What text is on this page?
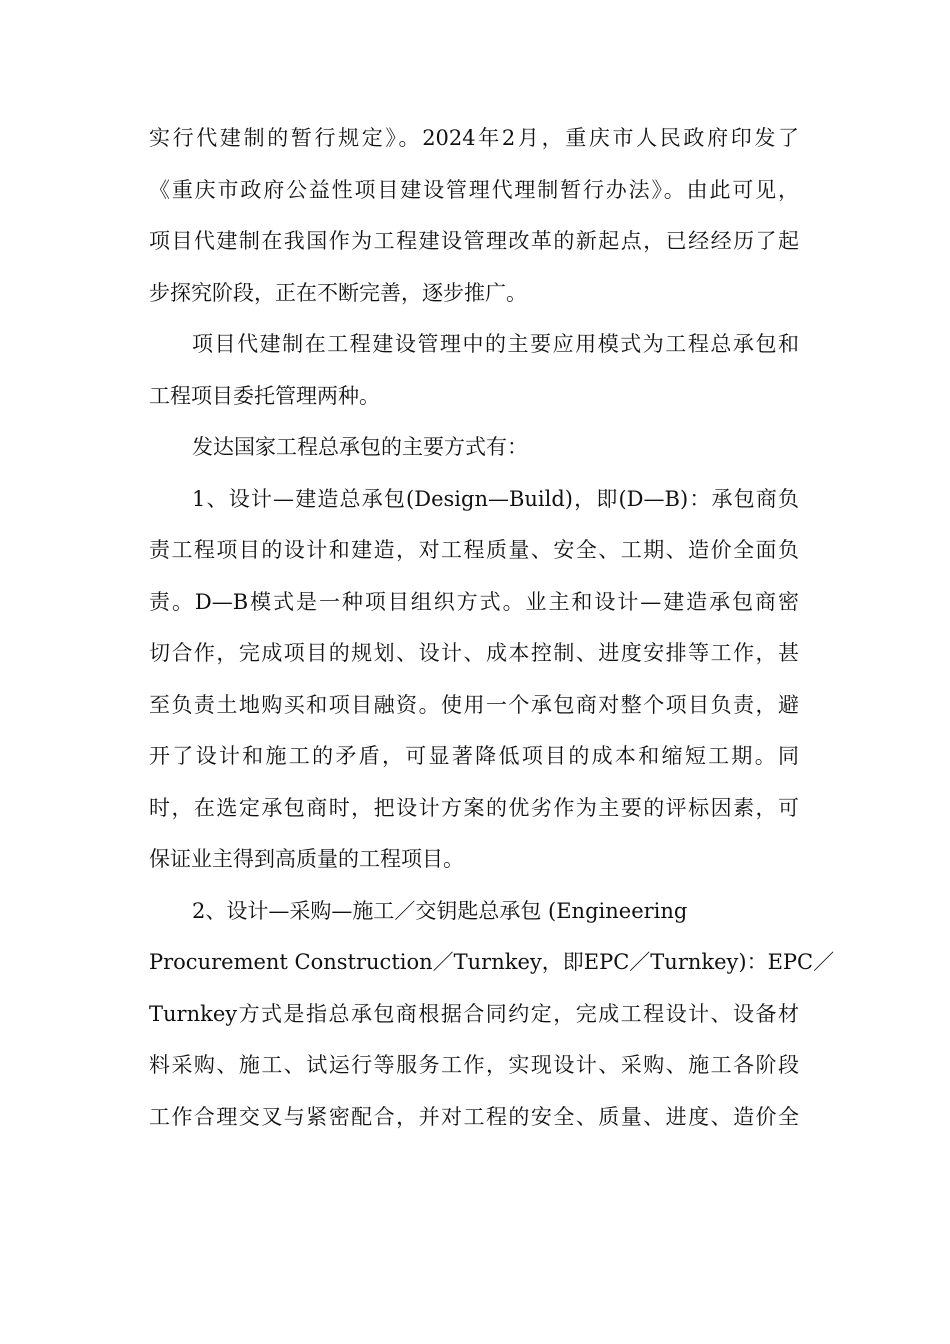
实行代建制的暂行规定》。2024年2月，重庆市人民政府印发了
《重庆市政府公益性项目建设管理代理制暂行办法》。由此可见，
项目代建制在我国作为工程建设管理改革的新起点，已经经历了起
步探究阶段，正在不断完善，逐步推广。
项目代建制在工程建设管理中的主要应用模式为工程总承包和
工程项目委托管理两种。
发达国家工程总承包的主要方式有：
1、设计—建造总承包(Design—Build)，即(D—B)：承包商负
责工程项目的设计和建造，对工程质量、安全、工期、造价全面负
责。D—B模式是一种项目组织方式。业主和设计—建造承包商密
切合作，完成项目的规划、设计、成本控制、进度安排等工作，甚
至负责土地购买和项目融资。使用一个承包商对整个项目负责，避
开了设计和施工的矛盾，可显著降低项目的成本和缩短工期。同
时，在选定承包商时，把设计方案的优劣作为主要的评标因素，可
保证业主得到高质量的工程项目。
2、设计—采购—施工／交钥匙总承包 (Engineering
Procurement Construction／Turnkey，即EPC／Turnkey)：EPC／
Turnkey方式是指总承包商根据合同约定，完成工程设计、设备材
料采购、施工、试运行等服务工作，实现设计、采购、施工各阶段
工作合理交叉与紧密配合，并对工程的安全、质量、进度、造价全
